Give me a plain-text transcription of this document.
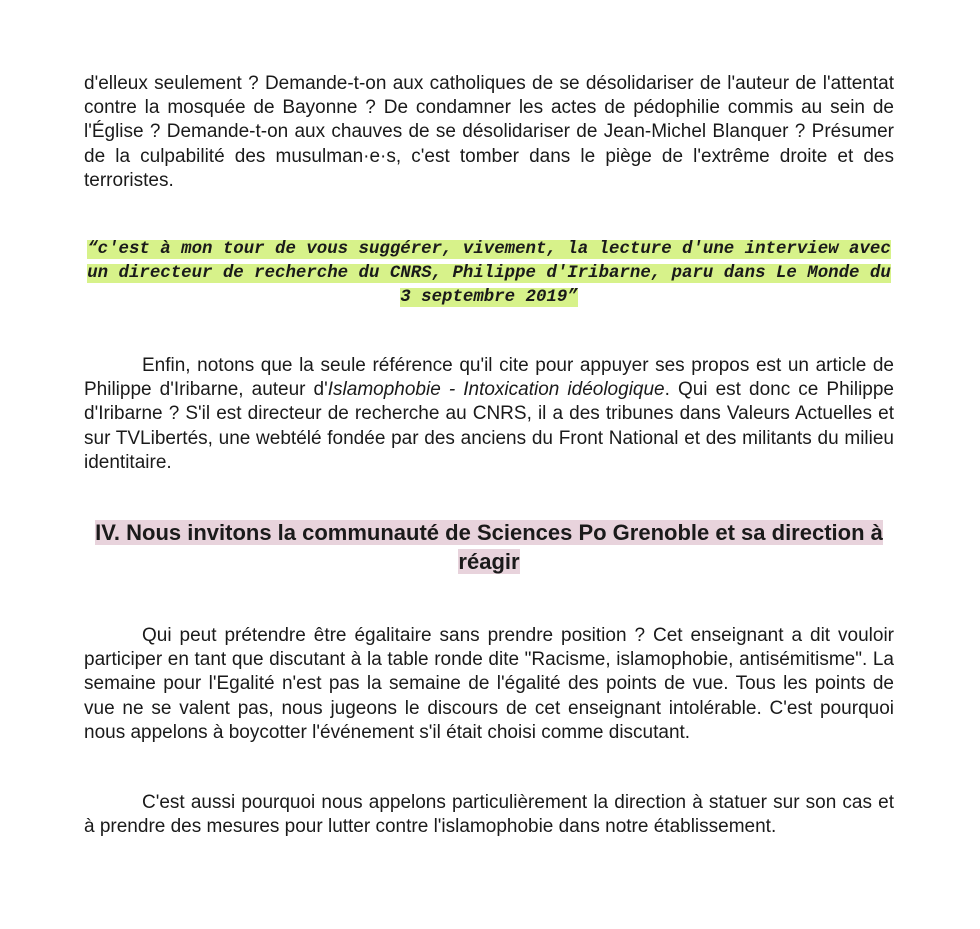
d'elleux seulement ? Demande-t-on aux catholiques de se désolidariser de l'auteur de l'attentat contre la mosquée de Bayonne ? De condamner les actes de pédophilie commis au sein de l'Église ? Demande-t-on aux chauves de se désolidariser de Jean-Michel Blanquer ? Présumer de la culpabilité des musulman·e·s, c'est tomber dans le piège de l'extrême droite et des terroristes.

“c'est à mon tour de vous suggérer, vivement, la lecture d'une interview avec un directeur de recherche du CNRS, Philippe d'Iribarne, paru dans Le Monde du 3 septembre 2019”

Enfin, notons que la seule référence qu'il cite pour appuyer ses propos est un article de Philippe d'Iribarne, auteur d'Islamophobie - Intoxication idéologique. Qui est donc ce Philippe d'Iribarne ? S'il est directeur de recherche au CNRS, il a des tribunes dans Valeurs Actuelles et sur TVLibertés, une webtélé fondée par des anciens du Front National et des militants du milieu identitaire.

IV. Nous invitons la communauté de Sciences Po Grenoble et sa direction à réagir

Qui peut prétendre être égalitaire sans prendre position ? Cet enseignant a dit vouloir participer en tant que discutant à la table ronde dite "Racisme, islamophobie, antisémitisme". La semaine pour l'Egalité n'est pas la semaine de l'égalité des points de vue. Tous les points de vue ne se valent pas, nous jugeons le discours de cet enseignant intolérable. C'est pourquoi nous appelons à boycotter l'événement s'il était choisi comme discutant.

C'est aussi pourquoi nous appelons particulièrement la direction à statuer sur son cas et à prendre des mesures pour lutter contre l'islamophobie dans notre établissement.
